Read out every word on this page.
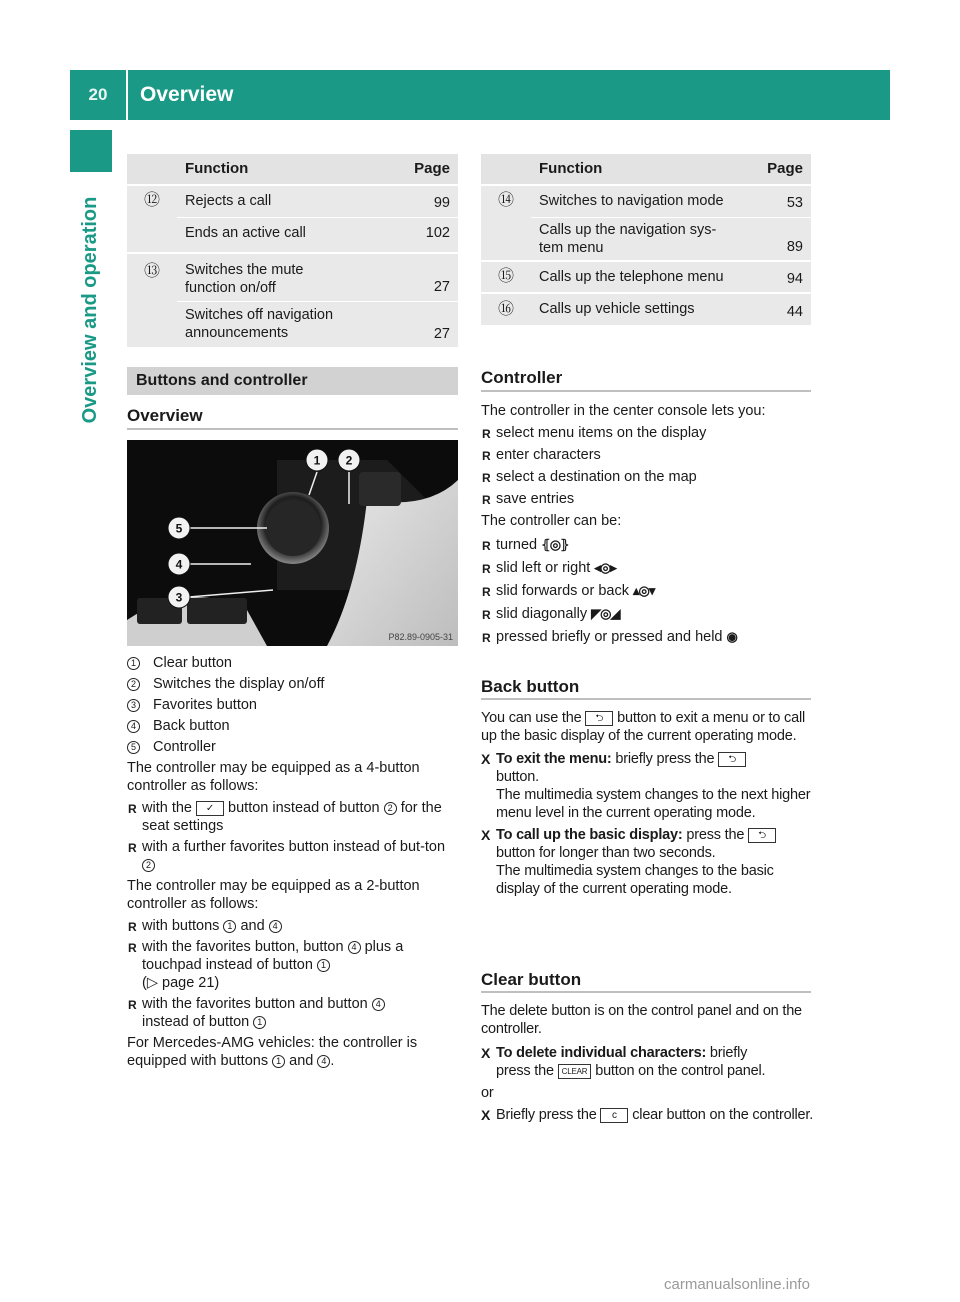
20	Overview
Overview and operation
	Function	Page
⑫	Rejects a call	99
	Ends an active call	102
⑬	Switches the mute function on/off	27
	Switches off navigation announcements	27
	Function	Page
⑭	Switches to navigation mode	53
	Calls up the navigation sys-tem menu	89
⑮	Calls up the telephone menu	94
⑯	Calls up vehicle settings	44
Buttons and controller
Overview
1 2
5
4
3
P82.89-0905-31

1 Clear button

2 Switches the display on/off

3 Favorites button

4 Back button

5 Controller

The controller may be equipped as a 4-button controller as follows:

R with the ✓ button instead of button 2 for the seat settings

R with a further favorites button instead of but-ton 2

The controller may be equipped as a 2-button controller as follows:

R with buttons 1 and 4

R with the favorites button, button 4 plus a touchpad instead of button 1
(▷ page 21)

R with the favorites button and button 4
instead of button 1

For Mercedes-AMG vehicles: the controller is equipped with buttons 1 and 4 .

Controller

The controller in the center console lets you:

R select menu items on the display

R enter characters

R select a destination on the map

R save entries

The controller can be:

R turned ⦃◎⦄

R slid left or right ◂◎▸

R slid forwards or back ▴◎▾

R slid diagonally ◤◎◢

R pressed briefly or pressed and held ◉

Back button

You can use the ⮌ button to exit a menu or to call up the basic display of the current operating mode.

X To exit the menu: briefly press the ⮌
button.
The multimedia system changes to the next higher menu level in the current operating mode.

X To call up the basic display: press the ⮌
button for longer than two seconds.
The multimedia system changes to the basic display of the current operating mode.

Clear button

The delete button is on the control panel and on the controller.

X To delete individual characters: briefly
press the CLEAR button on the control panel.

or

X Briefly press the c clear button on the controller.

carmanualsonline.info
